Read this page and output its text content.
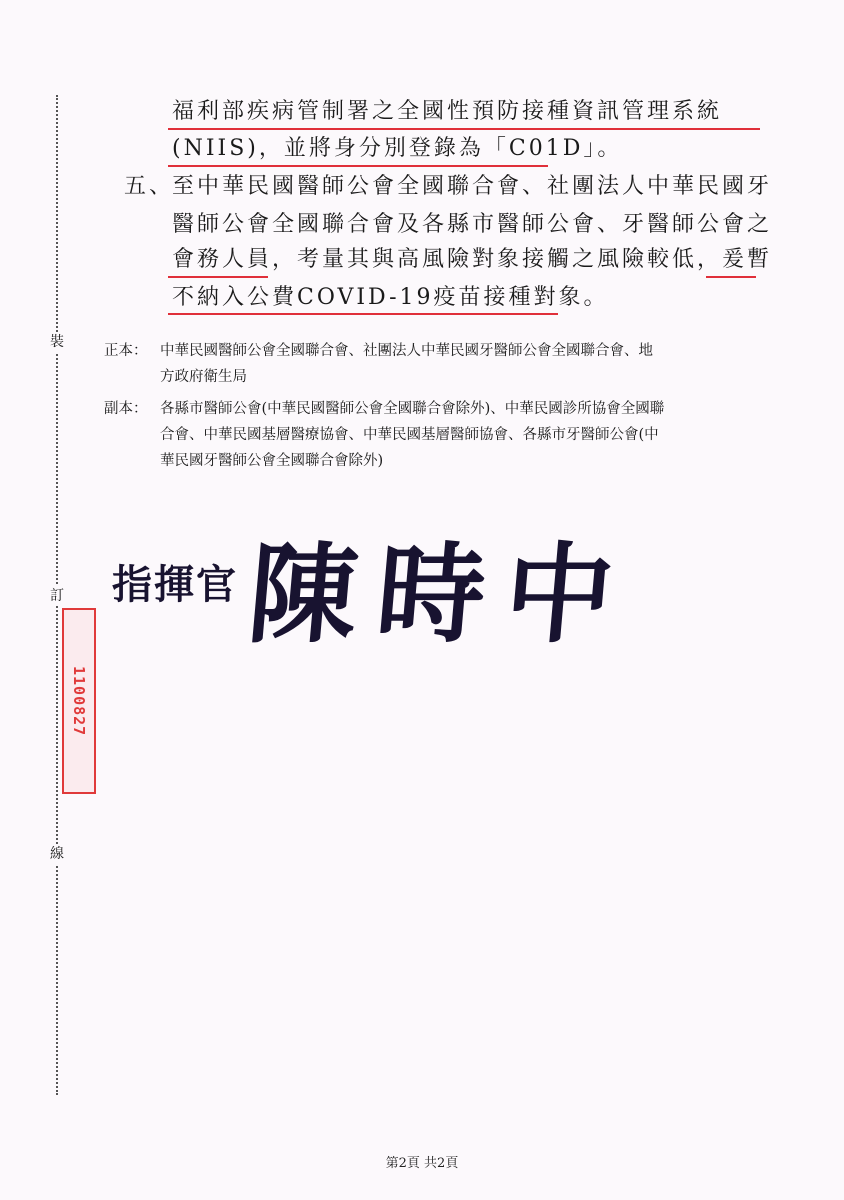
裝
訂
線
福利部疾病管制署之全國性預防接種資訊管理系統
(NIIS)，並將身分別登錄為「C01D」。
五、
至中華民國醫師公會全國聯合會、社團法人中華民國牙
醫師公會全國聯合會及各縣市醫師公會、牙醫師公會之
會務人員，考量其與高風險對象接觸之風險較低，爰暫
不納入公費COVID-19疫苗接種對象。
正本： 中華民國醫師公會全國聯合會、社團法人中華民國牙醫師公會全國聯合會、地
方政府衛生局
副本： 各縣市醫師公會(中華民國醫師公會全國聯合會除外)、中華民國診所協會全國聯
合會、中華民國基層醫療協會、中華民國基層醫師協會、各縣市牙醫師公會(中
華民國牙醫師公會全國聯合會除外)
指揮官 陳時中
1100827
第2頁 共2頁
